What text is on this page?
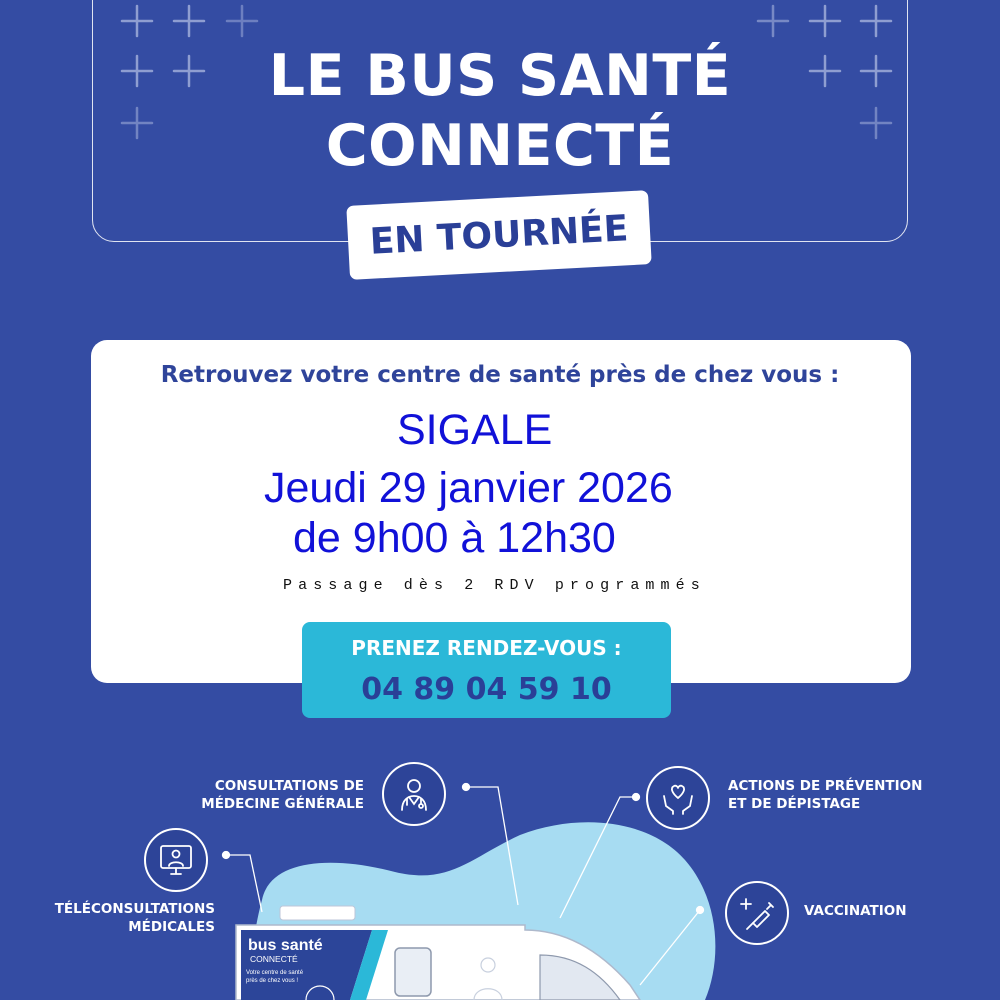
LE BUS SANTÉ
CONNECTÉ
EN TOURNÉE
Retrouvez votre centre de santé près de chez vous :
SIGALE
Jeudi 29 janvier 2026
de 9h00 à 12h30
Passage dès 2 RDV programmés
PRENEZ RENDEZ-VOUS :
04 89 04 59 10
bus santé
CONNECTÉ
Votre centre de santé
près de chez vous !
CONSULTATIONS DE
MÉDECINE GÉNÉRALE
TÉLÉCONSULTATIONS
MÉDICALES
ACTIONS DE PRÉVENTION
ET DE DÉPISTAGE
VACCINATION
